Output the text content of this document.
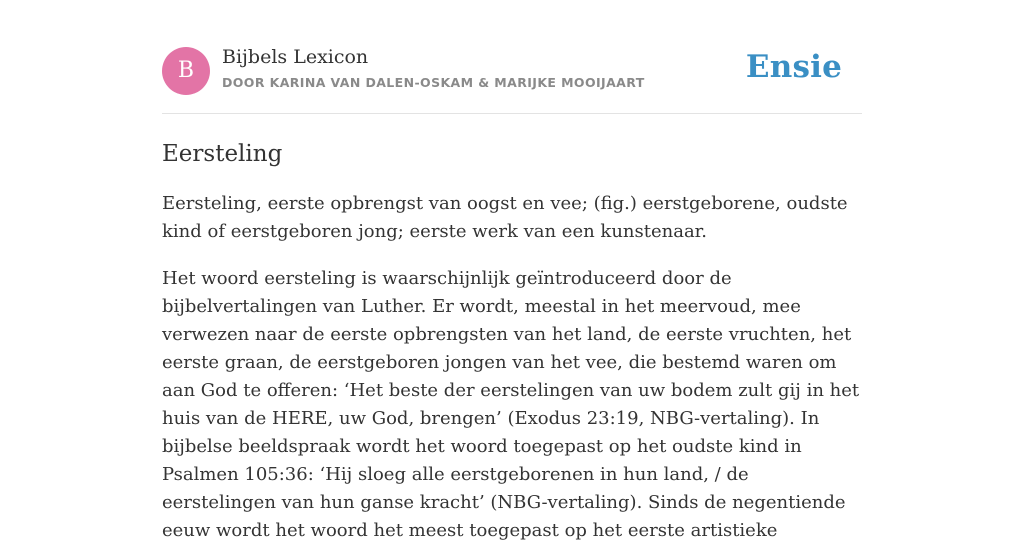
B
Bijbels Lexicon
DOOR KARINA VAN DALEN-OSKAM & MARIJKE MOOIJAART	Ensie
Eersteling

Eersteling, eerste opbrengst van oogst en vee; (fig.) eerstgeborene, oudste kind of eerstgeboren jong; eerste werk van een kunstenaar.

Het woord eersteling is waarschijnlijk geïntroduceerd door de bijbelvertalingen van Luther. Er wordt, meestal in het meervoud, mee verwezen naar de eerste opbrengsten van het land, de eerste vruchten, het eerste graan, de eerstgeboren jongen van het vee, die bestemd waren om aan God te offeren: ‘Het beste der eerstelingen van uw bodem zult gij in het huis van de HERE, uw God, brengen’ (Exodus 23:19, NBG-vertaling). In bijbelse beeldspraak wordt het woord toegepast op het oudste kind in Psalmen 105:36: ‘Hij sloeg alle eerstgeborenen in hun land, / de eerstelingen van hun ganse kracht’ (NBG-vertaling). Sinds de negentiende eeuw wordt het woord het meest toegepast op het eerste artistieke
